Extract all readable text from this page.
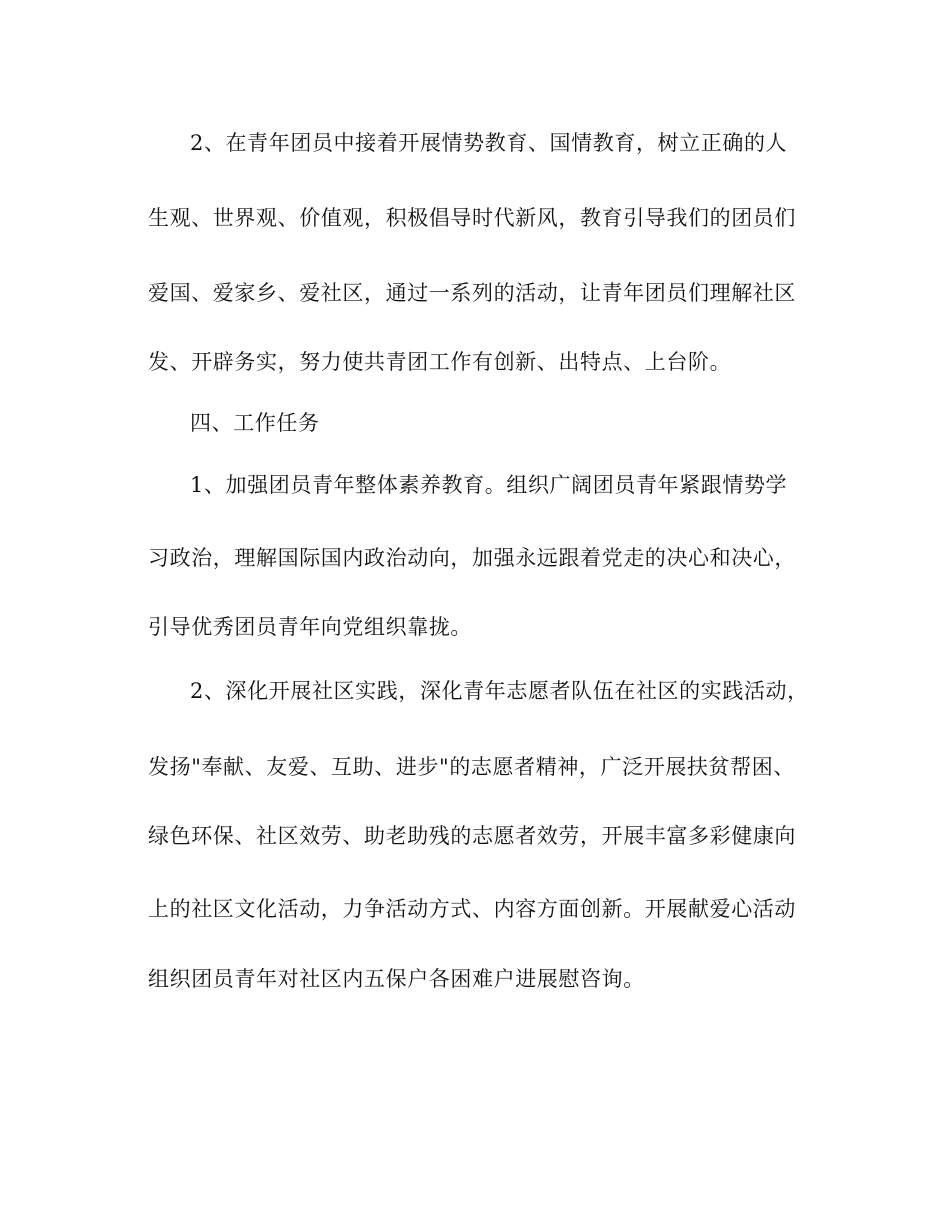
2、在青年团员中接着开展情势教育、国情教育，树立正确的人
生观、世界观、价值观，积极倡导时代新风，教育引导我们的团员们
爱国、爱家乡、爱社区，通过一系列的活动，让青年团员们理解社区
发、开辟务实，努力使共青团工作有创新、出特点、上台阶。
四、工作任务
1、加强团员青年整体素养教育。组织广阔团员青年紧跟情势学
习政治，理解国际国内政治动向，加强永远跟着党走的决心和决心，
引导优秀团员青年向党组织靠拢。
2、深化开展社区实践，深化青年志愿者队伍在社区的实践活动，
发扬"奉献、友爱、互助、进步"的志愿者精神，广泛开展扶贫帮困、
绿色环保、社区效劳、助老助残的志愿者效劳，开展丰富多彩健康向
上的社区文化活动，力争活动方式、内容方面创新。开展献爱心活动
组织团员青年对社区内五保户各困难户进展慰咨询。
